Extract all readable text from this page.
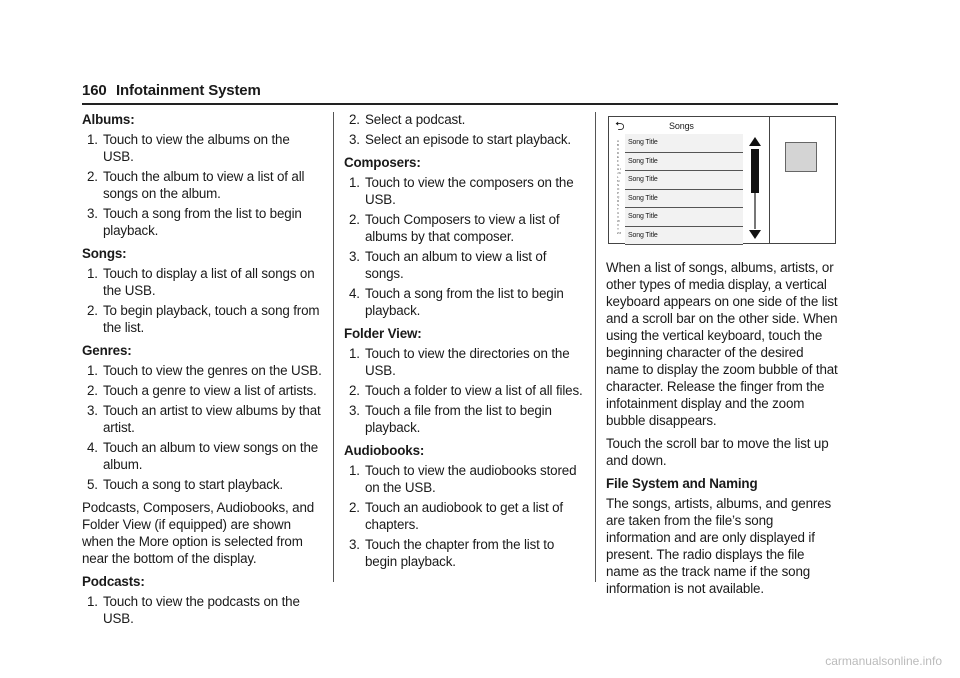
160 Infotainment System
Albums:
1. Touch to view the albums on the USB.
2. Touch the album to view a list of all songs on the album.
3. Touch a song from the list to begin playback.
Songs:
1. Touch to display a list of all songs on the USB.
2. To begin playback, touch a song from the list.
Genres:
1. Touch to view the genres on the USB.
2. Touch a genre to view a list of artists.
3. Touch an artist to view albums by that artist.
4. Touch an album to view songs on the album.
5. Touch a song to start playback.
Podcasts, Composers, Audiobooks, and Folder View (if equipped) are shown when the More option is selected from near the bottom of the display.
Podcasts:
1. Touch to view the podcasts on the USB.
2. Select a podcast.
3. Select an episode to start playback.
Composers:
1. Touch to view the composers on the USB.
2. Touch Composers to view a list of albums by that composer.
3. Touch an album to view a list of songs.
4. Touch a song from the list to begin playback.
Folder View:
1. Touch to view the directories on the USB.
2. Touch a folder to view a list of all files.
3. Touch a file from the list to begin playback.
Audiobooks:
1. Touch to view the audiobooks stored on the USB.
2. Touch an audiobook to get a list of chapters.
3. Touch the chapter from the list to begin playback.
⮌	Songs
A B C D E F G H I J K L M N O P Q R S T U V W X Y Z #
Song Title
Song Title
Song Title
Song Title
Song Title
Song Title
When a list of songs, albums, artists, or other types of media display, a vertical keyboard appears on one side of the list and a scroll bar on the other side. When using the vertical keyboard, touch the beginning character of the desired name to display the zoom bubble of that character. Release the finger from the infotainment display and the zoom bubble disappears.
Touch the scroll bar to move the list up and down.
File System and Naming
The songs, artists, albums, and genres are taken from the file’s song information and are only displayed if present. The radio displays the file name as the track name if the song information is not available.
carmanualsonline.info
